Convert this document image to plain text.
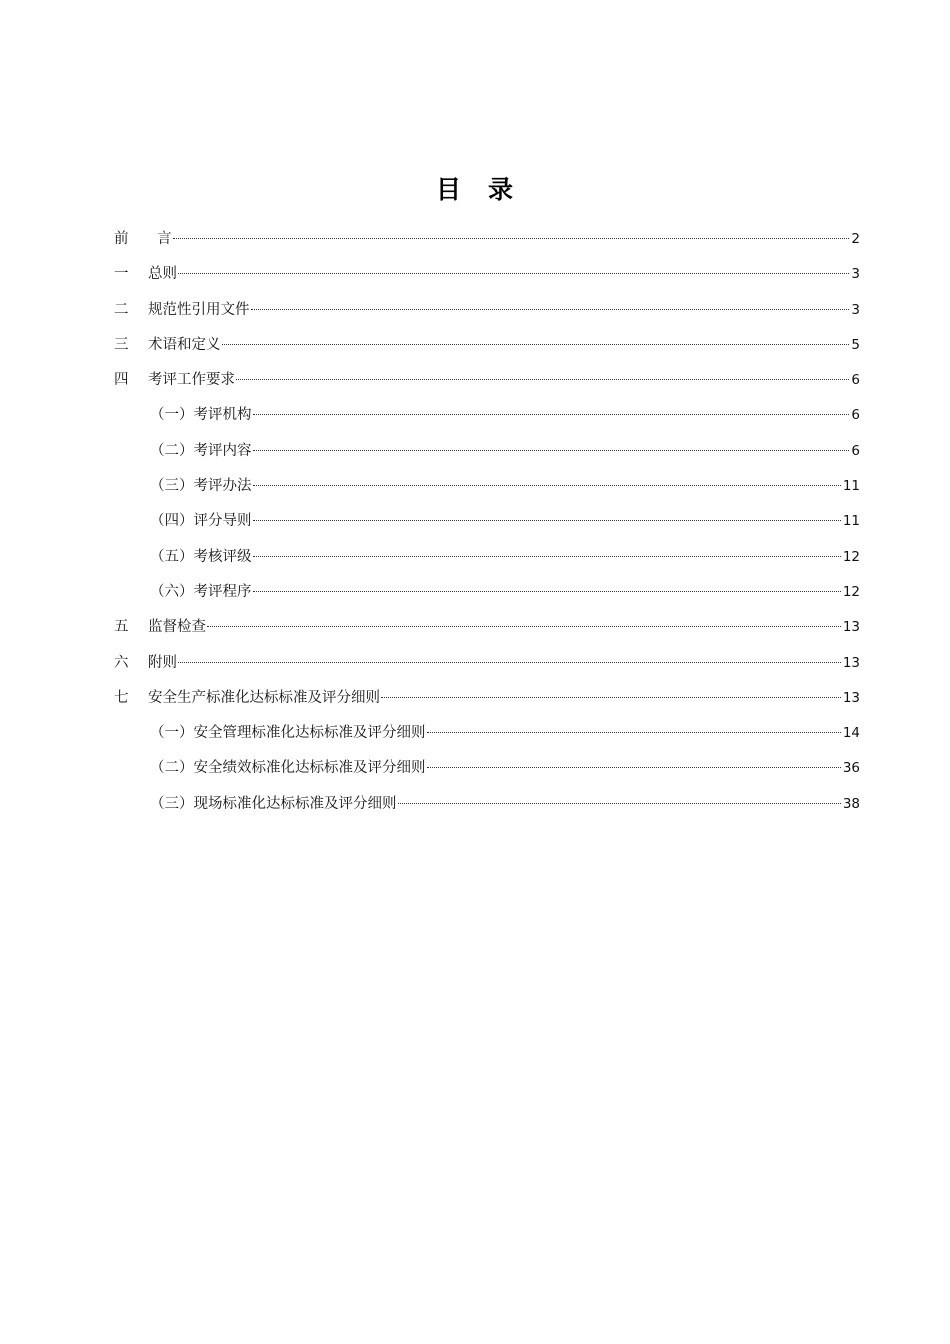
目　录
前	言	2
一	总则	3
二	规范性引用文件	3
三	术语和定义	5
四	考评工作要求	6
（一）考评机构	6
（二）考评内容	6
（三）考评办法	11
（四）评分导则	11
（五）考核评级	12
（六）考评程序	12
五	监督检查	13
六	附则	13
七	安全生产标准化达标标准及评分细则	13
（一）安全管理标准化达标标准及评分细则	14
（二）安全绩效标准化达标标准及评分细则	36
（三）现场标准化达标标准及评分细则	38
